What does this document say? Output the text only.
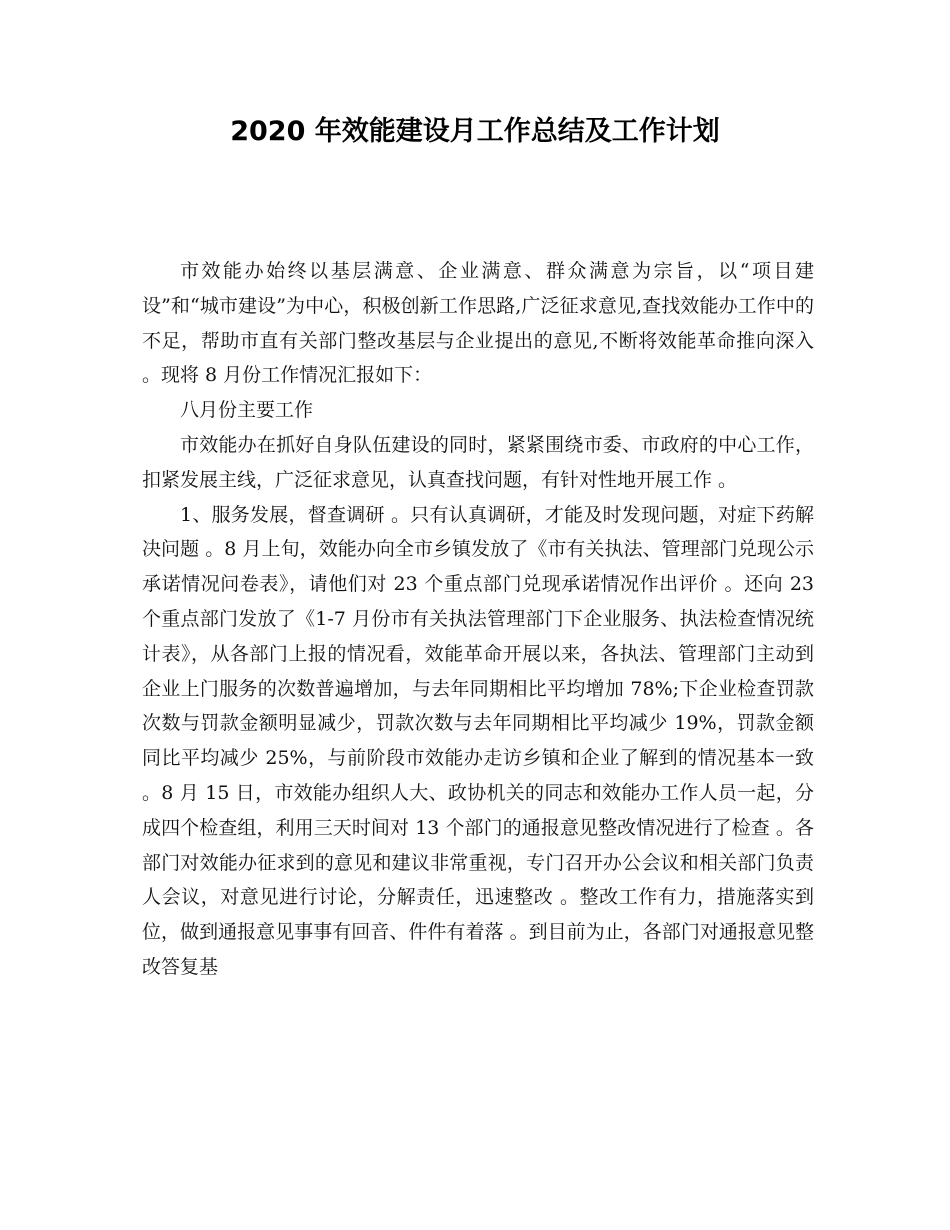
2020 年效能建设月工作总结及工作计划

市效能办始终以基层满意、企业满意、群众满意为宗旨，以“项目建设”和“城市建设”为中心，积极创新工作思路,广泛征求意见,查找效能办工作中的不足，帮助市直有关部门整改基层与企业提出的意见,不断将效能革命推向深入 。现将 8 月份工作情况汇报如下：

八月份主要工作

市效能办在抓好自身队伍建设的同时，紧紧围绕市委、市政府的中心工作，扣紧发展主线，广泛征求意见，认真查找问题，有针对性地开展工作 。

1、服务发展，督查调研 。只有认真调研，才能及时发现问题，对症下药解决问题 。8 月上旬，效能办向全市乡镇发放了《市有关执法、管理部门兑现公示承诺情况问卷表》，请他们对 23 个重点部门兑现承诺情况作出评价 。还向 23 个重点部门发放了《1-7 月份市有关执法管理部门下企业服务、执法检查情况统计表》，从各部门上报的情况看，效能革命开展以来，各执法、管理部门主动到企业上门服务的次数普遍增加，与去年同期相比平均增加 78%;下企业检查罚款次数与罚款金额明显减少，罚款次数与去年同期相比平均减少 19%，罚款金额同比平均减少 25%，与前阶段市效能办走访乡镇和企业了解到的情况基本一致 。8 月 15 日，市效能办组织人大、政协机关的同志和效能办工作人员一起，分成四个检查组，利用三天时间对 13 个部门的通报意见整改情况进行了检查 。各部门对效能办征求到的意见和建议非常重视，专门召开办公会议和相关部门负责人会议，对意见进行讨论，分解责任，迅速整改 。整改工作有力，措施落实到位，做到通报意见事事有回音、件件有着落 。到目前为止，各部门对通报意见整改答复基
